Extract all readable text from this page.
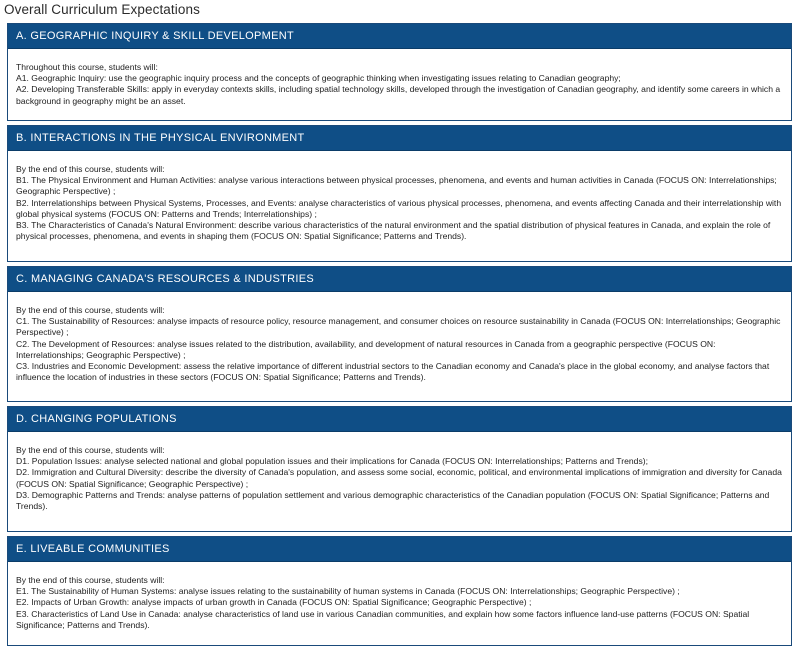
Overall Curriculum Expectations
A. GEOGRAPHIC INQUIRY & SKILL DEVELOPMENT
Throughout this course, students will:
A1. Geographic Inquiry: use the geographic inquiry process and the concepts of geographic thinking when investigating issues relating to Canadian geography;
A2. Developing Transferable Skills: apply in everyday contexts skills, including spatial technology skills, developed through the investigation of Canadian geography, and identify some careers in which a background in geography might be an asset.
B. INTERACTIONS IN THE PHYSICAL ENVIRONMENT
By the end of this course, students will:
B1. The Physical Environment and Human Activities: analyse various interactions between physical processes, phenomena, and events and human activities in Canada (FOCUS ON: Interrelationships; Geographic Perspective) ;
B2. Interrelationships between Physical Systems, Processes, and Events: analyse characteristics of various physical processes, phenomena, and events affecting Canada and their interrelationship with global physical systems (FOCUS ON: Patterns and Trends; Interrelationships) ;
B3. The Characteristics of Canada's Natural Environment: describe various characteristics of the natural environment and the spatial distribution of physical features in Canada, and explain the role of physical processes, phenomena, and events in shaping them (FOCUS ON: Spatial Significance; Patterns and Trends).
C. MANAGING CANADA'S RESOURCES & INDUSTRIES
By the end of this course, students will:
C1. The Sustainability of Resources: analyse impacts of resource policy, resource management, and consumer choices on resource sustainability in Canada (FOCUS ON: Interrelationships; Geographic Perspective) ;
C2. The Development of Resources: analyse issues related to the distribution, availability, and development of natural resources in Canada from a geographic perspective (FOCUS ON: Interrelationships; Geographic Perspective) ;
C3. Industries and Economic Development: assess the relative importance of different industrial sectors to the Canadian economy and Canada's place in the global economy, and analyse factors that influence the location of industries in these sectors (FOCUS ON: Spatial Significance; Patterns and Trends).
D. CHANGING POPULATIONS
By the end of this course, students will:
D1. Population Issues: analyse selected national and global population issues and their implications for Canada (FOCUS ON: Interrelationships; Patterns and Trends);
D2. Immigration and Cultural Diversity: describe the diversity of Canada's population, and assess some social, economic, political, and environmental implications of immigration and diversity for Canada (FOCUS ON: Spatial Significance; Geographic Perspective) ;
D3. Demographic Patterns and Trends: analyse patterns of population settlement and various demographic characteristics of the Canadian population (FOCUS ON: Spatial Significance; Patterns and Trends).
E. LIVEABLE COMMUNITIES
By the end of this course, students will:
E1. The Sustainability of Human Systems: analyse issues relating to the sustainability of human systems in Canada (FOCUS ON: Interrelationships; Geographic Perspective) ;
E2. Impacts of Urban Growth: analyse impacts of urban growth in Canada (FOCUS ON: Spatial Significance; Geographic Perspective) ;
E3. Characteristics of Land Use in Canada: analyse characteristics of land use in various Canadian communities, and explain how some factors influence land-use patterns (FOCUS ON: Spatial Significance; Patterns and Trends).
